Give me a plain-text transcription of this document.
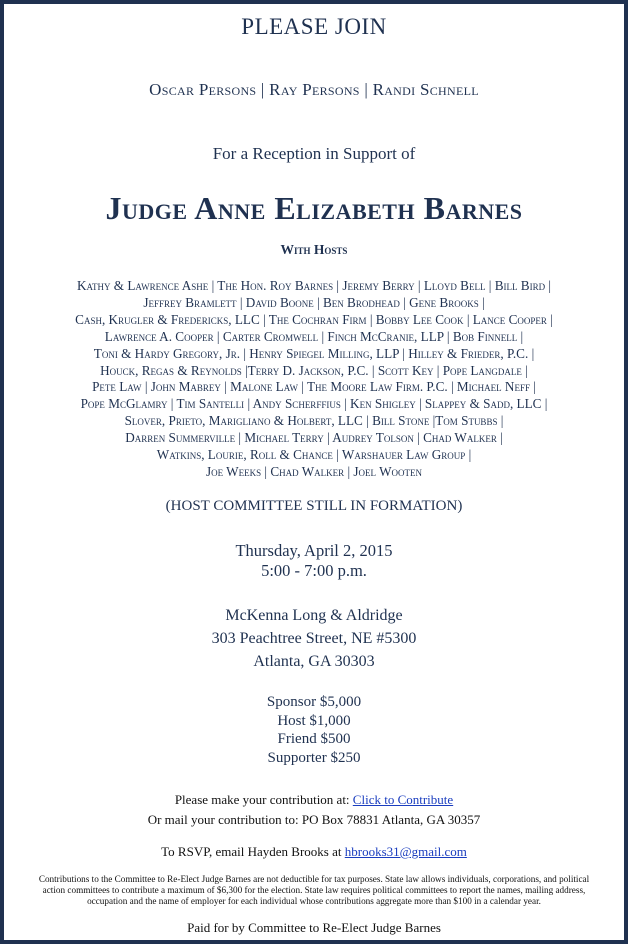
PLEASE JOIN
Oscar Persons | Ray Persons | Randi Schnell
For a Reception in Support of
Judge Anne Elizabeth Barnes
With Hosts
Kathy & Lawrence Ashe | The Hon. Roy Barnes | Jeremy Berry | Lloyd Bell | Bill Bird |
Jeffrey Bramlett | David Boone | Ben Brodhead | Gene Brooks |
Cash, Krugler & Fredericks, LLC | The Cochran Firm | Bobby Lee Cook | Lance Cooper |
Lawrence A. Cooper | Carter Cromwell | Finch McCranie, LLP | Bob Finnell |
Toni & Hardy Gregory, Jr. | Henry Spiegel Milling, LLP | Hilley & Frieder, P.C. |
Houck, Regas & Reynolds |Terry D. Jackson, P.C. | Scott Key | Pope Langdale |
Pete Law | John Mabrey | Malone Law | The Moore Law Firm. P.C. | Michael Neff |
Pope McGlamry | Tim Santelli | Andy Scherffius | Ken Shigley | Slappey & Sadd, LLC |
Slover, Prieto, Marigliano & Holbert, LLC | Bill Stone |Tom Stubbs |
Darren Summerville | Michael Terry | Audrey Tolson | Chad Walker |
Watkins, Lourie, Roll & Chance | Warshauer Law Group |
Joe Weeks | Chad Walker | Joel Wooten
(HOST COMMITTEE STILL IN FORMATION)
Thursday, April 2, 2015
5:00 - 7:00 p.m.
McKenna Long & Aldridge
303 Peachtree Street, NE #5300
Atlanta, GA 30303
Sponsor $5,000
Host $1,000
Friend $500
Supporter $250
Please make your contribution at: Click to Contribute
Or mail your contribution to: PO Box 78831 Atlanta, GA 30357
To RSVP, email Hayden Brooks at hbrooks31@gmail.com
Contributions to the Committee to Re-Elect Judge Barnes are not deductible for tax purposes. State law allows individuals, corporations, and political
action committees to contribute a maximum of $6,300 for the election. State law requires political committees to report the names, mailing address,
occupation and the name of employer for each individual whose contributions aggregate more than $100 in a calendar year.
Paid for by Committee to Re-Elect Judge Barnes
